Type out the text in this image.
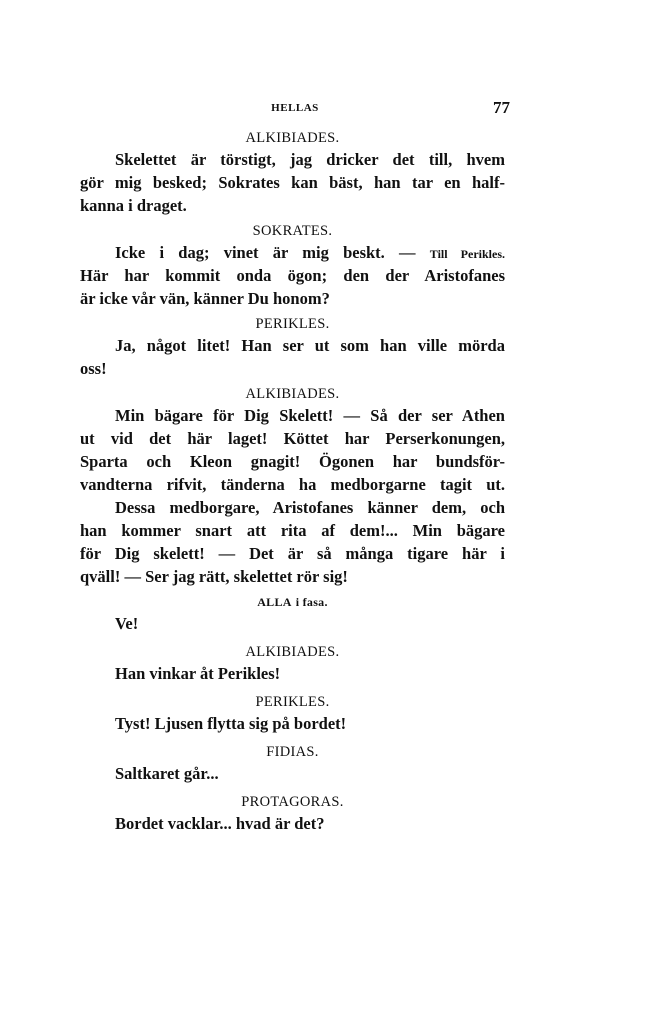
HELLAS	77

ALKIBIADES.

Skelettet är törstigt, jag dricker det till, hvem

gör mig besked; Sokrates kan bäst, han tar en half-

kanna i draget.

SOKRATES.

Icke i dag; vinet är mig beskt. — Till Perikles.

Här har kommit onda ögon; den der Aristofanes

är icke vår vän, känner Du honom?

PERIKLES.

Ja, något litet! Han ser ut som han ville mörda

oss!

ALKIBIADES.

Min bägare för Dig Skelett! — Så der ser Athen

ut vid det här laget! Köttet har Perserkonungen,

Sparta och Kleon gnagit! Ögonen har bundsför-

vandterna rifvit, tänderna ha medborgarne tagit ut.

Dessa medborgare, Aristofanes känner dem, och

han kommer snart att rita af dem!... Min bägare

för Dig skelett! — Det är så många tigare här i

qväll! — Ser jag rätt, skelettet rör sig!

ALLA i fasa.

Ve!

ALKIBIADES.

Han vinkar åt Perikles!

PERIKLES.

Tyst! Ljusen flytta sig på bordet!

FIDIAS.

Saltkaret går...

PROTAGORAS.

Bordet vacklar... hvad är det?
